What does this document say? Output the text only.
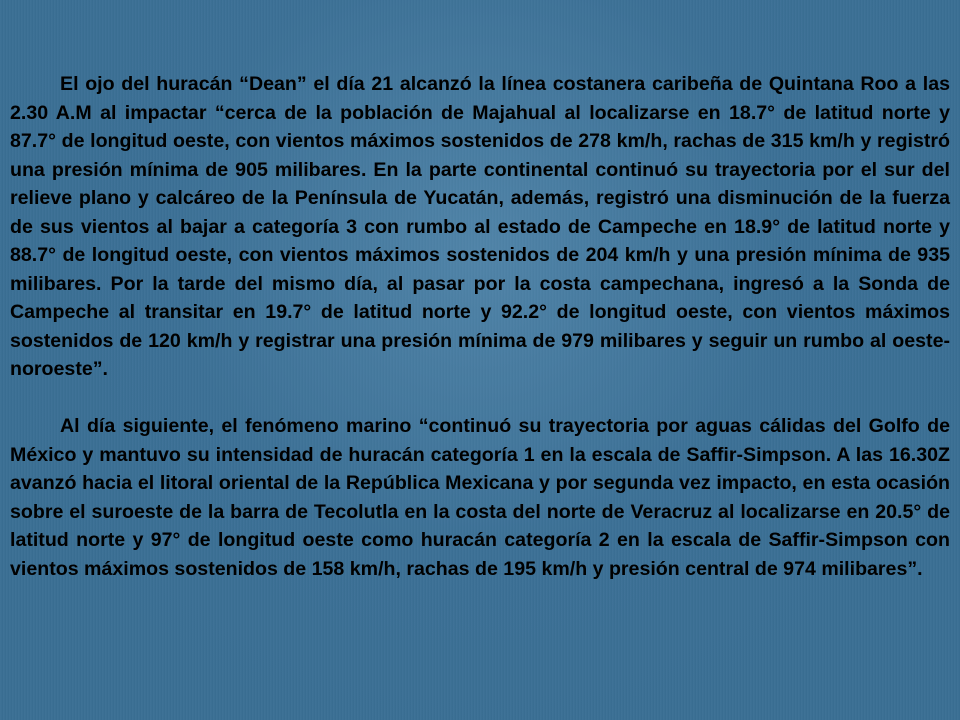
El ojo del huracán “Dean” el día 21 alcanzó la línea costanera caribeña de Quintana Roo a las 2.30 A.M al impactar “cerca de la población de Majahual al localizarse en 18.7° de latitud norte y 87.7° de longitud oeste, con vientos máximos sostenidos de 278 km/h, rachas de 315 km/h y registró una presión mínima de 905 milibares. En la parte continental continuó su trayectoria por el sur del relieve plano y calcáreo de la Península de Yucatán, además, registró una disminución de la fuerza de sus vientos al bajar a categoría 3 con rumbo al estado de Campeche en 18.9° de latitud norte y 88.7° de longitud oeste, con vientos máximos sostenidos de 204 km/h y una presión mínima de 935 milibares. Por la tarde del mismo día, al pasar por la costa campechana, ingresó a la Sonda de Campeche al transitar en 19.7° de latitud norte y 92.2° de longitud oeste, con vientos máximos sostenidos de 120 km/h y registrar una presión mínima de 979 milibares y seguir un rumbo al oeste-noroeste”.

Al día siguiente, el fenómeno marino “continuó su trayectoria por aguas cálidas del Golfo de México y mantuvo su intensidad de huracán categoría 1 en la escala de Saffir-Simpson. A las 16.30Z avanzó hacia el litoral oriental de la República Mexicana y por segunda vez impacto, en esta ocasión sobre el suroeste de la barra de Tecolutla en la costa del norte de Veracruz al localizarse en 20.5° de latitud norte y 97° de longitud oeste como huracán categoría 2 en la escala de Saffir-Simpson con vientos máximos sostenidos de 158 km/h, rachas de 195 km/h y presión central de 974 milibares”.
